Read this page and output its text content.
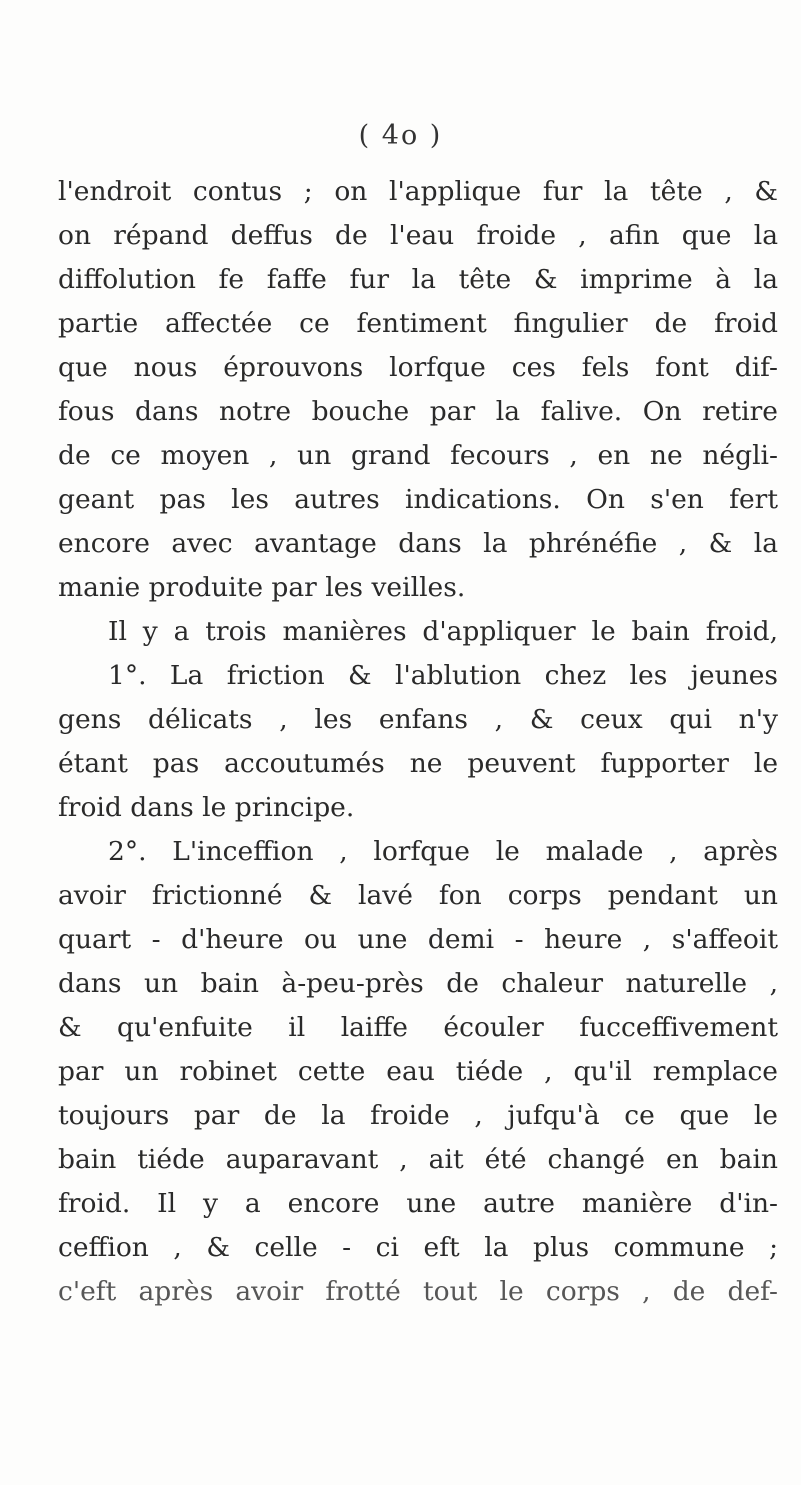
( 4o )
l'endroit contus ; on l'applique fur la tête , &
on répand deffus de l'eau froide , afin que la
diffolution fe faffe fur la tête & imprime à la
partie affectée ce fentiment fingulier de froid
que nous éprouvons lorfque ces fels font dif-
fous dans notre bouche par la falive. On retire
de ce moyen , un grand fecours , en ne négli-
geant pas les autres indications. On s'en fert
encore avec avantage dans la phrénéfie , & la
manie produite par les veilles.
Il y a trois manières d'appliquer le bain froid,
1°. La friction & l'ablution chez les jeunes
gens délicats , les enfans , & ceux qui n'y
étant pas accoutumés ne peuvent fupporter le
froid dans le principe.
2°. L'inceffion , lorfque le malade , après
avoir frictionné & lavé fon corps pendant un
quart - d'heure ou une demi - heure , s'affeoit
dans un bain à-peu-près de chaleur naturelle ,
& qu'enfuite il laiffe écouler fucceffivement
par un robinet cette eau tiéde , qu'il remplace
toujours par de la froide , jufqu'à ce que le
bain tiéde auparavant , ait été changé en bain
froid. Il y a encore une autre manière d'in-
ceffion , & celle - ci eft la plus commune ;
c'eft après avoir frotté tout le corps , de def-
